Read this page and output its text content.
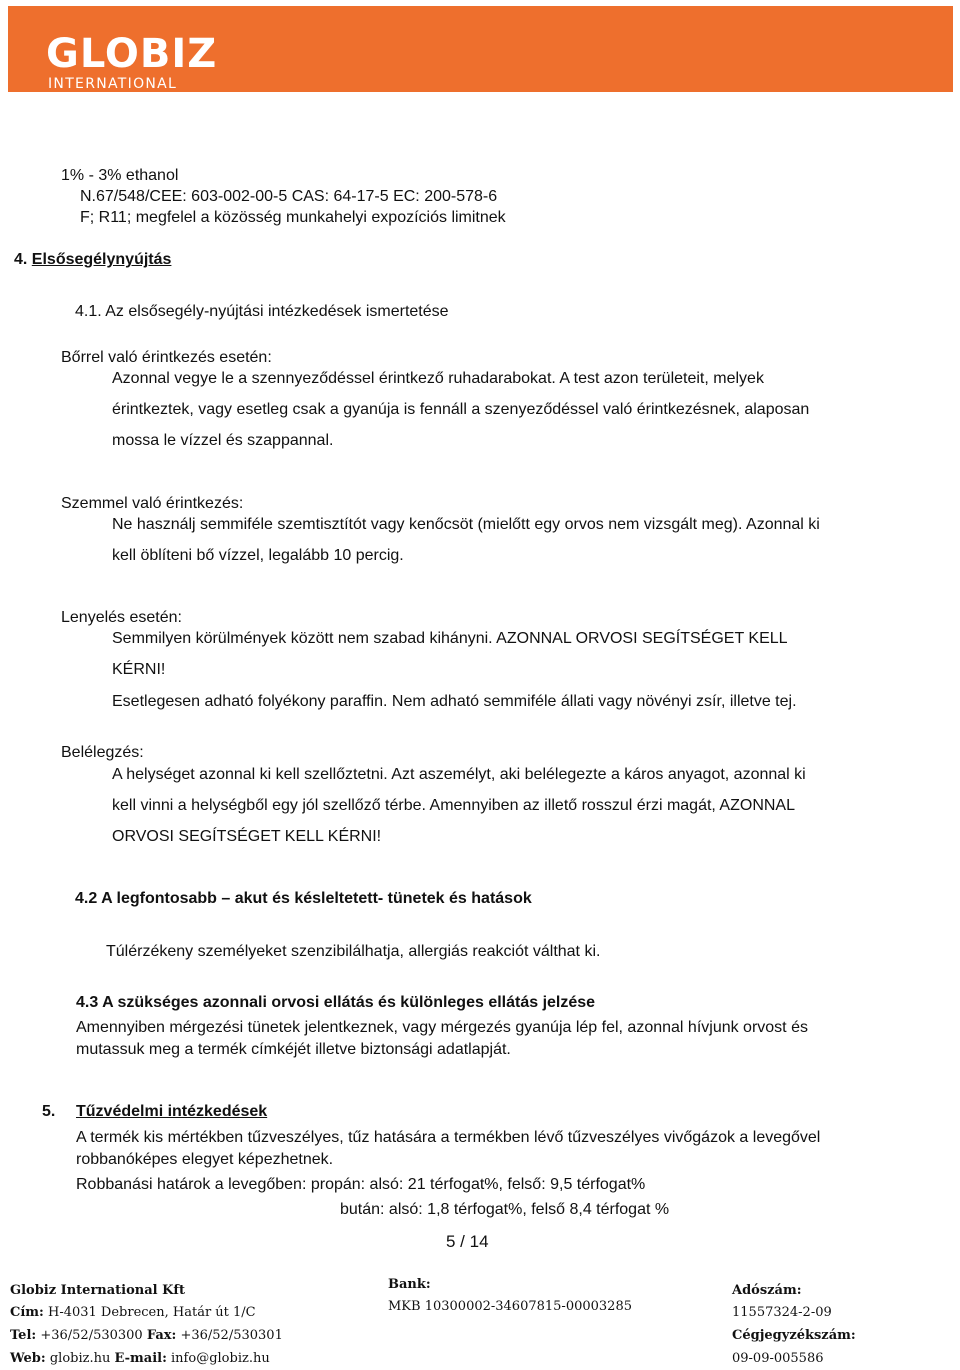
GLOBIZ
INTERNATIONAL
1% - 3% ethanol
N.67/548/CEE: 603-002-00-5 CAS: 64-17-5 EC: 200-578-6
F; R11; megfelel a közösség munkahelyi expozíciós limitnek
4. Elsősegélynyújtás
4.1. Az elsősegély-nyújtási intézkedések ismertetése
Bőrrel való érintkezés esetén:
Azonnal vegye le a szennyeződéssel érintkező ruhadarabokat. A test azon területeit, melyek
érintkeztek, vagy esetleg csak a gyanúja is fennáll a szenyeződéssel való érintkezésnek, alaposan
mossa le vízzel és szappannal.
Szemmel való érintkezés:
Ne használj semmiféle szemtisztítót vagy kenőcsöt (mielőtt egy orvos nem vizsgált meg). Azonnal ki
kell öblíteni bő vízzel, legalább 10 percig.
Lenyelés esetén:
Semmilyen körülmények között nem szabad kihányni. AZONNAL ORVOSI SEGÍTSÉGET KELL
KÉRNI!
Esetlegesen adható folyékony paraffin. Nem adható semmiféle állati vagy növényi zsír, illetve tej.
Belélegzés:
A helységet azonnal ki kell szellőztetni. Azt aszemélyt, aki belélegezte a káros anyagot, azonnal ki
kell vinni a helységből egy jól szellőző térbe. Amennyiben az illető rosszul érzi magát, AZONNAL
ORVOSI SEGÍTSÉGET KELL KÉRNI!
4.2 A legfontosabb – akut és késleltetett- tünetek és hatások
Túlérzékeny személyeket szenzibilálhatja, allergiás reakciót válthat ki.
4.3 A szükséges azonnali orvosi ellátás és különleges ellátás jelzése
Amennyiben mérgezési tünetek jelentkeznek, vagy mérgezés gyanúja lép fel, azonnal hívjunk orvost és
mutassuk meg a termék címkéjét illetve biztonsági adatlapját.
5. Tűzvédelmi intézkedések
A termék kis mértékben tűzveszélyes, tűz hatására a termékben lévő tűzveszélyes vivőgázok a levegővel
robbanóképes elegyet képezhetnek.
Robbanási határok a levegőben: propán: alsó: 21 térfogat%, felső: 9,5 térfogat%
bután: alsó: 1,8 térfogat%, felső 8,4 térfogat %
5 / 14
Globiz International Kft
Cím: H-4031 Debrecen, Határ út 1/C
Tel: +36/52/530300 Fax: +36/52/530301
Web: globiz.hu E-mail: info@globiz.hu
Bank:
MKB 10300002-34607815-00003285
Adószám:
11557324-2-09
Cégjegyzékszám:
09-09-005586
